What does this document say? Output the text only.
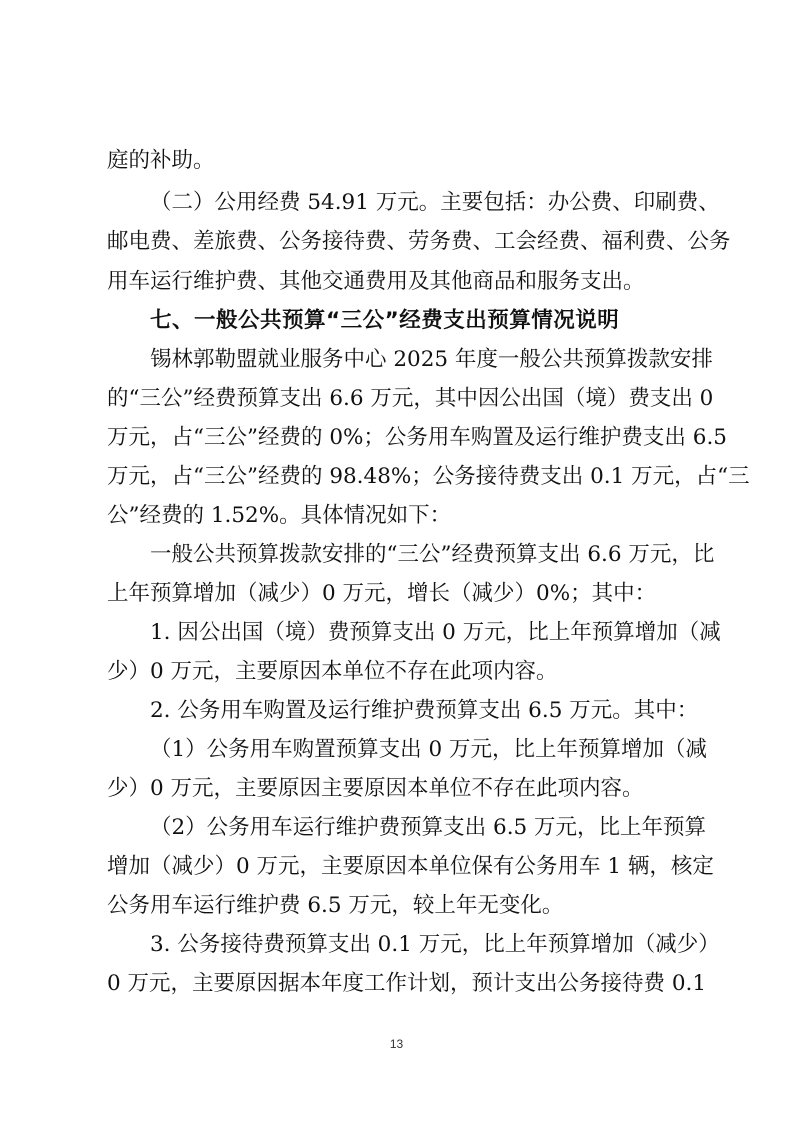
庭的补助。
（二）公用经费 54.91 万元。主要包括：办公费、印刷费、
邮电费、差旅费、公务接待费、劳务费、工会经费、福利费、公务
用车运行维护费、其他交通费用及其他商品和服务支出。
七、一般公共预算“三公”经费支出预算情况说明
锡林郭勒盟就业服务中心 2025 年度一般公共预算拨款安排
的“三公”经费预算支出 6.6 万元，其中因公出国（境）费支出 0
万元，占“三公”经费的 0%；公务用车购置及运行维护费支出 6.5
万元，占“三公”经费的 98.48%；公务接待费支出 0.1 万元，占“三
公”经费的 1.52%。具体情况如下：
一般公共预算拨款安排的“三公”经费预算支出 6.6 万元，比
上年预算增加（减少）0 万元，增长（减少）0%；其中：
1. 因公出国（境）费预算支出 0 万元，比上年预算增加（减
少）0 万元，主要原因本单位不存在此项内容。
2. 公务用车购置及运行维护费预算支出 6.5 万元。其中：
（1）公务用车购置预算支出 0 万元，比上年预算增加（减
少）0 万元，主要原因主要原因本单位不存在此项内容。
（2）公务用车运行维护费预算支出 6.5 万元，比上年预算
增加（减少）0 万元，主要原因本单位保有公务用车 1 辆，核定
公务用车运行维护费 6.5 万元，较上年无变化。
3. 公务接待费预算支出 0.1 万元，比上年预算增加（减少）
0 万元，主要原因据本年度工作计划，预计支出公务接待费 0.1
13
